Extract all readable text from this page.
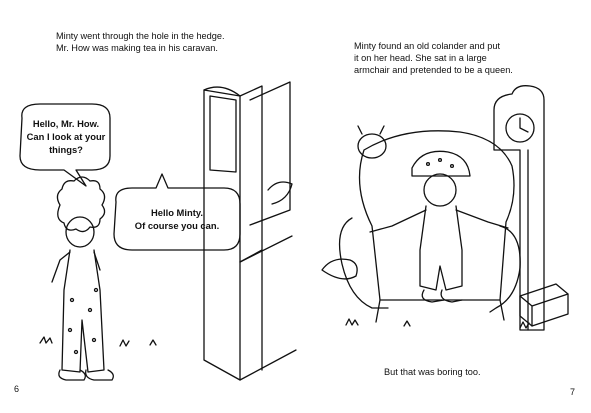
Minty went through the hole in the hedge.
Mr. How was making tea in his caravan.
Hello, Mr. How.
Can I look at your
things?
Hello Minty.
Of course you can.
6
Minty found an old colander and put
it on her head. She sat in a large
armchair and pretended to be a queen.
But that was boring too.
7
